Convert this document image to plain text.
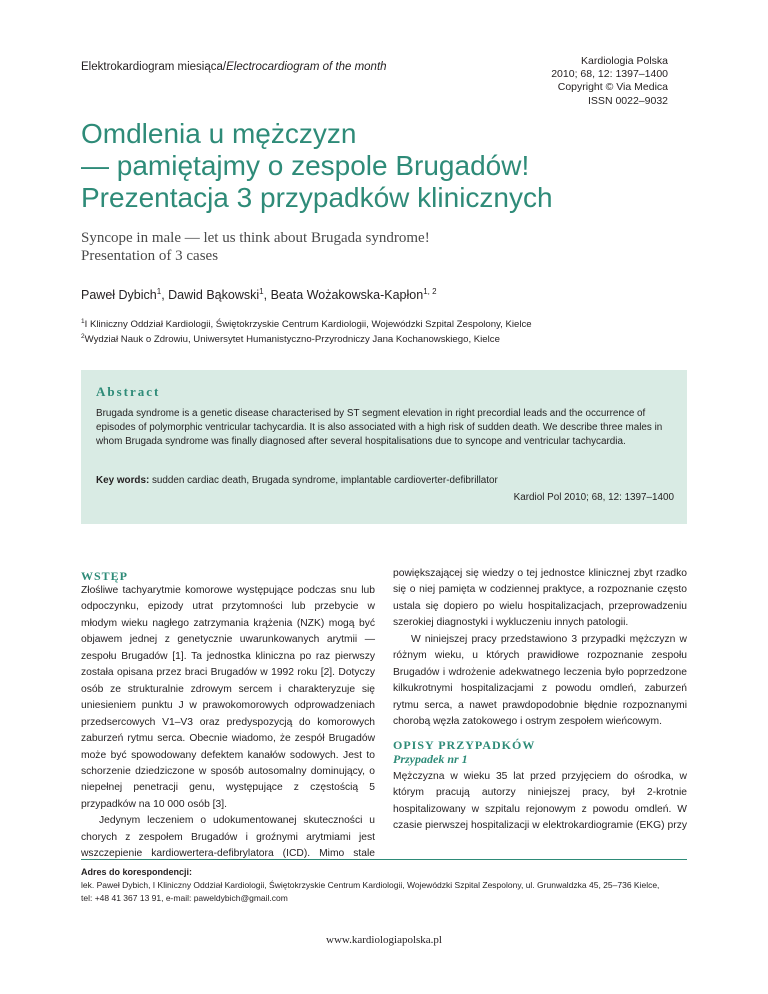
Elektrokardiogram miesiąca/Electrocardiogram of the month	Kardiologia Polska
2010; 68, 12: 1397–1400
Copyright © Via Medica
ISSN 0022–9032
Omdlenia u mężczyzn
— pamiętajmy o zespole Brugadów!
Prezentacja 3 przypadków klinicznych
Syncope in male — let us think about Brugada syndrome!
Presentation of 3 cases
Paweł Dybich$^1$, Dawid Bąkowski$^1$, Beata Wożakowska-Kapłon$^{1, 2}$
$^1$I Kliniczny Oddział Kardiologii, Świętokrzyskie Centrum Kardiologii, Wojewódzki Szpital Zespolony, Kielce
$^2$Wydział Nauk o Zdrowiu, Uniwersytet Humanistyczno-Przyrodniczy Jana Kochanowskiego, Kielce
Abstract
Brugada syndrome is a genetic disease characterised by ST segment elevation in right precordial leads and the occurrence of episodes of polymorphic ventricular tachycardia. It is also associated with a high risk of sudden death. We describe three males in whom Brugada syndrome was finally diagnosed after several hospitalisations due to syncope and ventricular tachycardia.
Key words: sudden cardiac death, Brugada syndrome, implantable cardioverter-defibrillator
Kardiol Pol 2010; 68, 12: 1397–1400
WSTĘP

Złośliwe tachyarytmie komorowe występujące podczas snu lub odpoczynku, epizody utrat przytomności lub przebycie w młodym wieku nagłego zatrzymania krążenia (NZK) mogą być objawem jednej z genetycznie uwarunkowanych arytmii — zespołu Brugadów [1]. Ta jednostka kliniczna po raz pierwszy została opisana przez braci Brugadów w 1992 roku [2]. Dotyczy osób ze strukturalnie zdrowym sercem i charakteryzuje się uniesieniem punktu J w prawokomorowych odprowadzeniach przedsercowych V1–V3 oraz predyspozycją do komorowych zaburzeń rytmu serca. Obecnie wiadomo, że zespół Brugadów może być spowodowany defektem kanałów sodowych. Jest to schorzenie dziedziczone w sposób autosomalny dominujący, o niepełnej penetracji genu, występujące z częstością 5 przypadków na 10 000 osób [3].

Jedynym leczeniem o udokumentowanej skuteczności u chorych z zespołem Brugadów i groźnymi arytmiami jest wszczepienie kardiowertera-defibrylatora (ICD). Mimo stale

powiększającej się wiedzy o tej jednostce klinicznej zbyt rzadko się o niej pamięta w codziennej praktyce, a rozpoznanie często ustala się dopiero po wielu hospitalizacjach, przeprowadzeniu szerokiej diagnostyki i wykluczeniu innych patologii.

W niniejszej pracy przedstawiono 3 przypadki mężczyzn w różnym wieku, u których prawidłowe rozpoznanie zespołu Brugadów i wdrożenie adekwatnego leczenia było poprzedzone kilkukrotnymi hospitalizacjami z powodu omdleń, zaburzeń rytmu serca, a nawet prawdopodobnie błędnie rozpoznanymi chorobą węzła zatokowego i ostrym zespołem wieńcowym.

OPISY PRZYPADKÓW
Przypadek nr 1

Mężczyzna w wieku 35 lat przed przyjęciem do ośrodka, w którym pracują autorzy niniejszej pracy, był 2-krotnie hospitalizowany w szpitalu rejonowym z powodu omdleń. W czasie pierwszej hospitalizacji w elektrokardiogramie (EKG) przy

Adres do korespondencji:
lek. Paweł Dybich, I Kliniczny Oddział Kardiologii, Świętokrzyskie Centrum Kardiologii, Wojewódzki Szpital Zespolony, ul. Grunwaldzka 45, 25–736 Kielce,
tel: +48 41 367 13 91, e-mail: paweldybich@gmail.com
www.kardiologiapolska.pl
